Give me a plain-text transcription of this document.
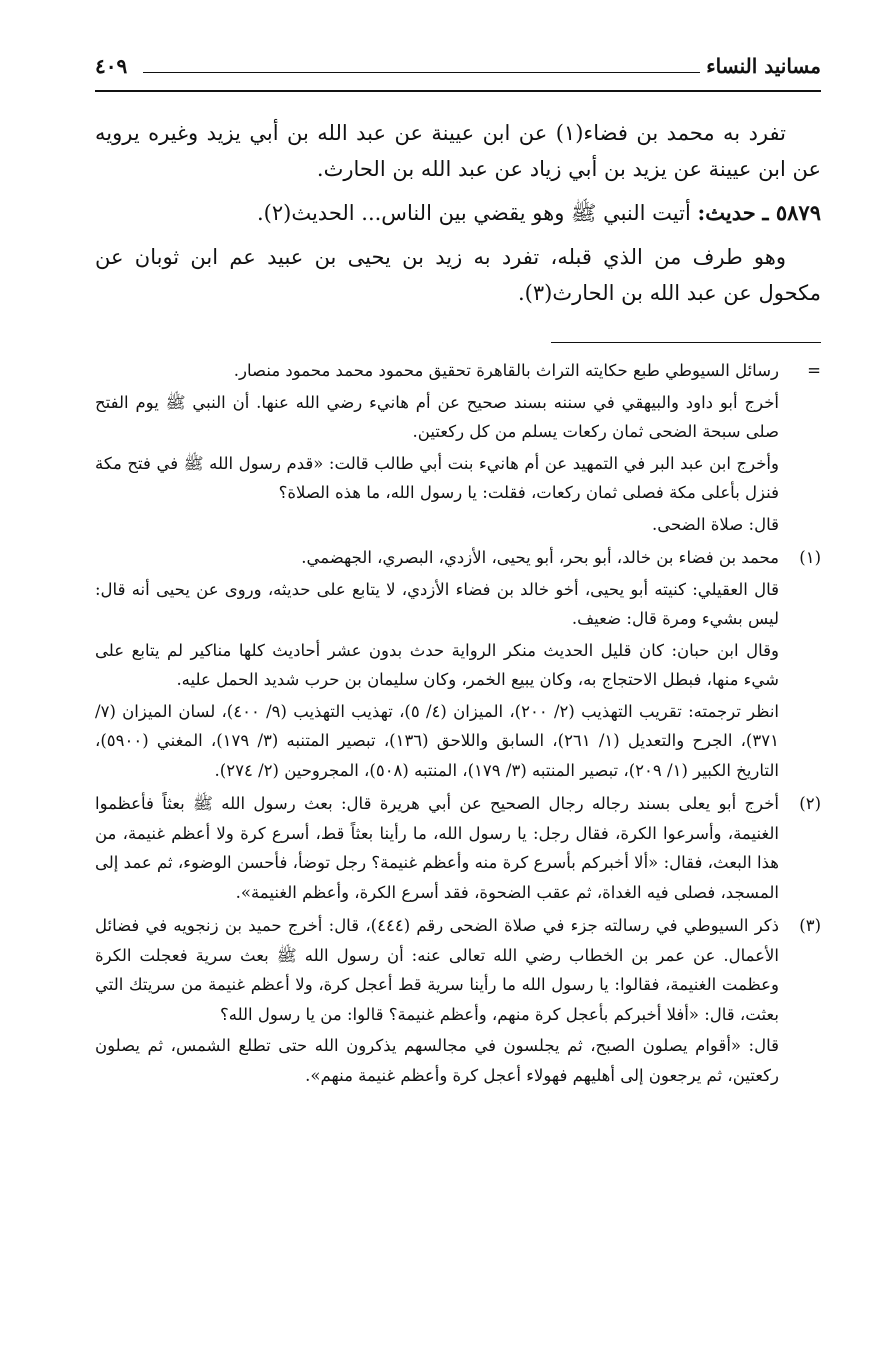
مسانيد النساء
٤٠٩

تفرد به محمد بن فضاء(١) عن ابن عيينة عن عبد الله بن أبي يزيد وغيره يرويه عن ابن عيينة عن يزيد بن أبي زياد عن عبد الله بن الحارث.

٥٨٧٩ ـ حديث: أتيت النبي ﷺ وهو يقضي بين الناس... الحديث(٢).

وهو طرف من الذي قبله، تفرد به زيد بن يحيى بن عبيد عم ابن ثوبان عن مكحول عن عبد الله بن الحارث(٣).

=

رسائل السيوطي طبع حكايته التراث بالقاهرة تحقيق محمود محمد محمود منصار.

أخرج أبو داود والبيهقي في سننه بسند صحيح عن أم هانيء رضي الله عنها. أن النبي ﷺ يوم الفتح صلى سبحة الضحى ثمان ركعات يسلم من كل ركعتين.

وأخرج ابن عبد البر في التمهيد عن أم هانيء بنت أبي طالب قالت: «قدم رسول الله ﷺ في فتح مكة فنزل بأعلى مكة فصلى ثمان ركعات، فقلت: يا رسول الله، ما هذه الصلاة؟

قال: صلاة الضحى.

(١)

محمد بن فضاء بن خالد، أبو بحر، أبو يحيى، الأزدي، البصري، الجهضمي.

قال العقيلي: كنيته أبو يحيى، أخو خالد بن فضاء الأزدي، لا يتابع على حديثه، وروى عن يحيى أنه قال: ليس بشيء ومرة قال: ضعيف.

وقال ابن حبان: كان قليل الحديث منكر الرواية حدث بدون عشر أحاديث كلها مناكير لم يتابع على شيء منها، فبطل الاحتجاج به، وكان يبيع الخمر، وكان سليمان بن حرب شديد الحمل عليه.

انظر ترجمته: تقريب التهذيب (٢/ ٢٠٠)، الميزان (٤/ ٥)، تهذيب التهذيب (٩/ ٤٠٠)، لسان الميزان (٧/ ٣٧١)، الجرح والتعديل (١/ ٢٦١)، السابق واللاحق (١٣٦)، تبصير المتنبه (٣/ ١٧٩)، المغني (٥٩٠٠)، التاريخ الكبير (١/ ٢٠٩)، تبصير المنتبه (٣/ ١٧٩)، المنتبه (٥٠٨)، المجروحين (٢/ ٢٧٤).

(٢)

أخرج أبو يعلى بسند رجاله رجال الصحيح عن أبي هريرة قال: بعث رسول الله ﷺ بعثاً فأعظموا الغنيمة، وأسرعوا الكرة، فقال رجل: يا رسول الله، ما رأينا بعثاً قط، أسرع كرة ولا أعظم غنيمة، من هذا البعث، فقال: «ألا أخبركم بأسرع كرة منه وأعظم غنيمة؟ رجل توضأ، فأحسن الوضوء، ثم عمد إلى المسجد، فصلى فيه الغداة، ثم عقب الضحوة، فقد أسرع الكرة، وأعظم الغنيمة».

(٣)

ذكر السيوطي في رسالته جزء في صلاة الضحى رقم (٤٤٤)، قال: أخرج حميد بن زنجويه في فضائل الأعمال. عن عمر بن الخطاب رضي الله تعالى عنه: أن رسول الله ﷺ بعث سرية فعجلت الكرة وعظمت الغنيمة، فقالوا: يا رسول الله ما رأينا سرية قط أعجل كرة، ولا أعظم غنيمة من سريتك التي بعثت، قال: «أفلا أخبركم بأعجل كرة منهم، وأعظم غنيمة؟ قالوا: من يا رسول الله؟

قال: «أقوام يصلون الصبح، ثم يجلسون في مجالسهم يذكرون الله حتى تطلع الشمس، ثم يصلون ركعتين، ثم يرجعون إلى أهليهم فهولاء أعجل كرة وأعظم غنيمة منهم».
